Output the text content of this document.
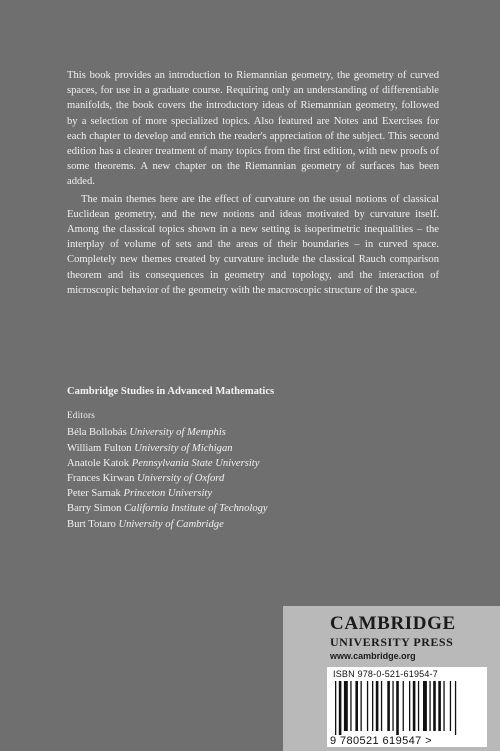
This book provides an introduction to Riemannian geometry, the geometry of curved spaces, for use in a graduate course. Requiring only an understanding of differentiable manifolds, the book covers the introductory ideas of Riemannian geometry, followed by a selection of more specialized topics. Also featured are Notes and Exercises for each chapter to develop and enrich the reader's appreciation of the subject. This second edition has a clearer treatment of many topics from the first edition, with new proofs of some theorems. A new chapter on the Riemannian geometry of surfaces has been added.

The main themes here are the effect of curvature on the usual notions of classical Euclidean geometry, and the new notions and ideas motivated by curvature itself. Among the classical topics shown in a new setting is isoperimetric inequalities – the interplay of volume of sets and the areas of their boundaries – in curved space. Completely new themes created by curvature include the classical Rauch comparison theorem and its consequences in geometry and topology, and the interaction of microscopic behavior of the geometry with the macroscopic structure of the space.

Cambridge Studies in Advanced Mathematics

Editors

Béla Bollobás University of Memphis

William Fulton University of Michigan

Anatole Katok Pennsylvania State University

Frances Kirwan University of Oxford

Peter Sarnak Princeton University

Barry Simon California Institute of Technology

Burt Totaro University of Cambridge

CAMBRIDGE
UNIVERSITY PRESS
www.cambridge.org
ISBN 978-0-521-61954-7
9 780521 619547 >
